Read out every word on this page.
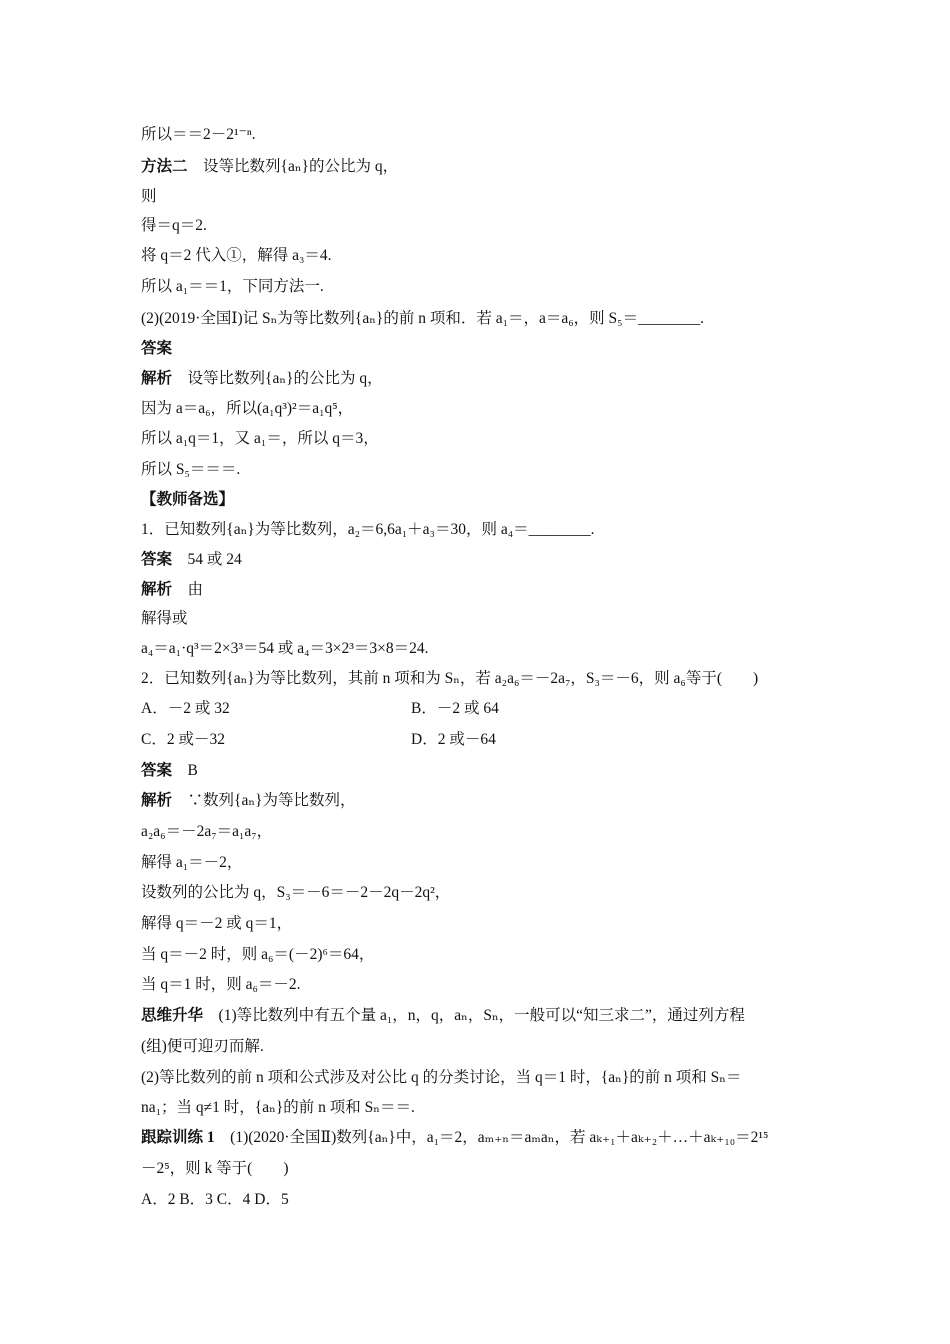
所以＝＝2－2¹⁻ⁿ.
方法二　 设等比数列{aₙ}的公比为 q，
则
得＝q＝2.
将 q＝2 代入①，解得 a₃＝4.
所以 a₁＝＝1，下同方法一.
(2)(2019·全国Ⅰ)记 Sₙ为等比数列{aₙ}的前 n 项和．若 a₁＝，a＝a₆，则 S₅＝________.
答案
解析　 设等比数列{aₙ}的公比为 q，
因为 a＝a₆，所以(a₁q³)²＝a₁q⁵，
所以 a₁q＝1，又 a₁＝，所以 q＝3，
所以 S₅＝＝＝.
【教师备选】
1．已知数列{aₙ}为等比数列，a₂＝6,6a₁＋a₃＝30，则 a₄＝________.
答案　 54 或 24
解析　 由
解得或
a₄＝a₁·q³＝2×3³＝54 或 a₄＝3×2³＝3×8＝24.
2．已知数列{aₙ}为等比数列，其前 n 项和为 Sₙ，若 a₂a₆＝－2a₇，S₃＝－6，则 a₆等于(　　)
A．－2 或 32	B．－2 或 64
C．2 或－32	D．2 或－64
答案　 B
解析　 ∵数列{aₙ}为等比数列，
a₂a₆＝－2a₇＝a₁a₇，
解得 a₁＝－2，
设数列的公比为 q，S₃＝－6＝－2－2q－2q²，
解得 q＝－2 或 q＝1，
当 q＝－2 时，则 a₆＝(－2)⁶＝64，
当 q＝1 时，则 a₆＝－2.
思维升华　 (1)等比数列中有五个量 a₁，n，q，aₙ，Sₙ，一般可以“知三求二”，通过列方程
(组)便可迎刃而解.
(2)等比数列的前 n 项和公式涉及对公比 q 的分类讨论，当 q＝1 时，{aₙ}的前 n 项和 Sₙ＝
na₁；当 q≠1 时，{aₙ}的前 n 项和 Sₙ＝＝.
跟踪训练 1　 (1)(2020·全国Ⅱ)数列{aₙ}中，a₁＝2，aₘ₊ₙ＝aₘaₙ，若 aₖ₊₁＋aₖ₊₂＋…＋aₖ₊₁₀＝2¹⁵
－2⁵，则 k 等于(　　)
A．2 B．3 C．4 D．5
